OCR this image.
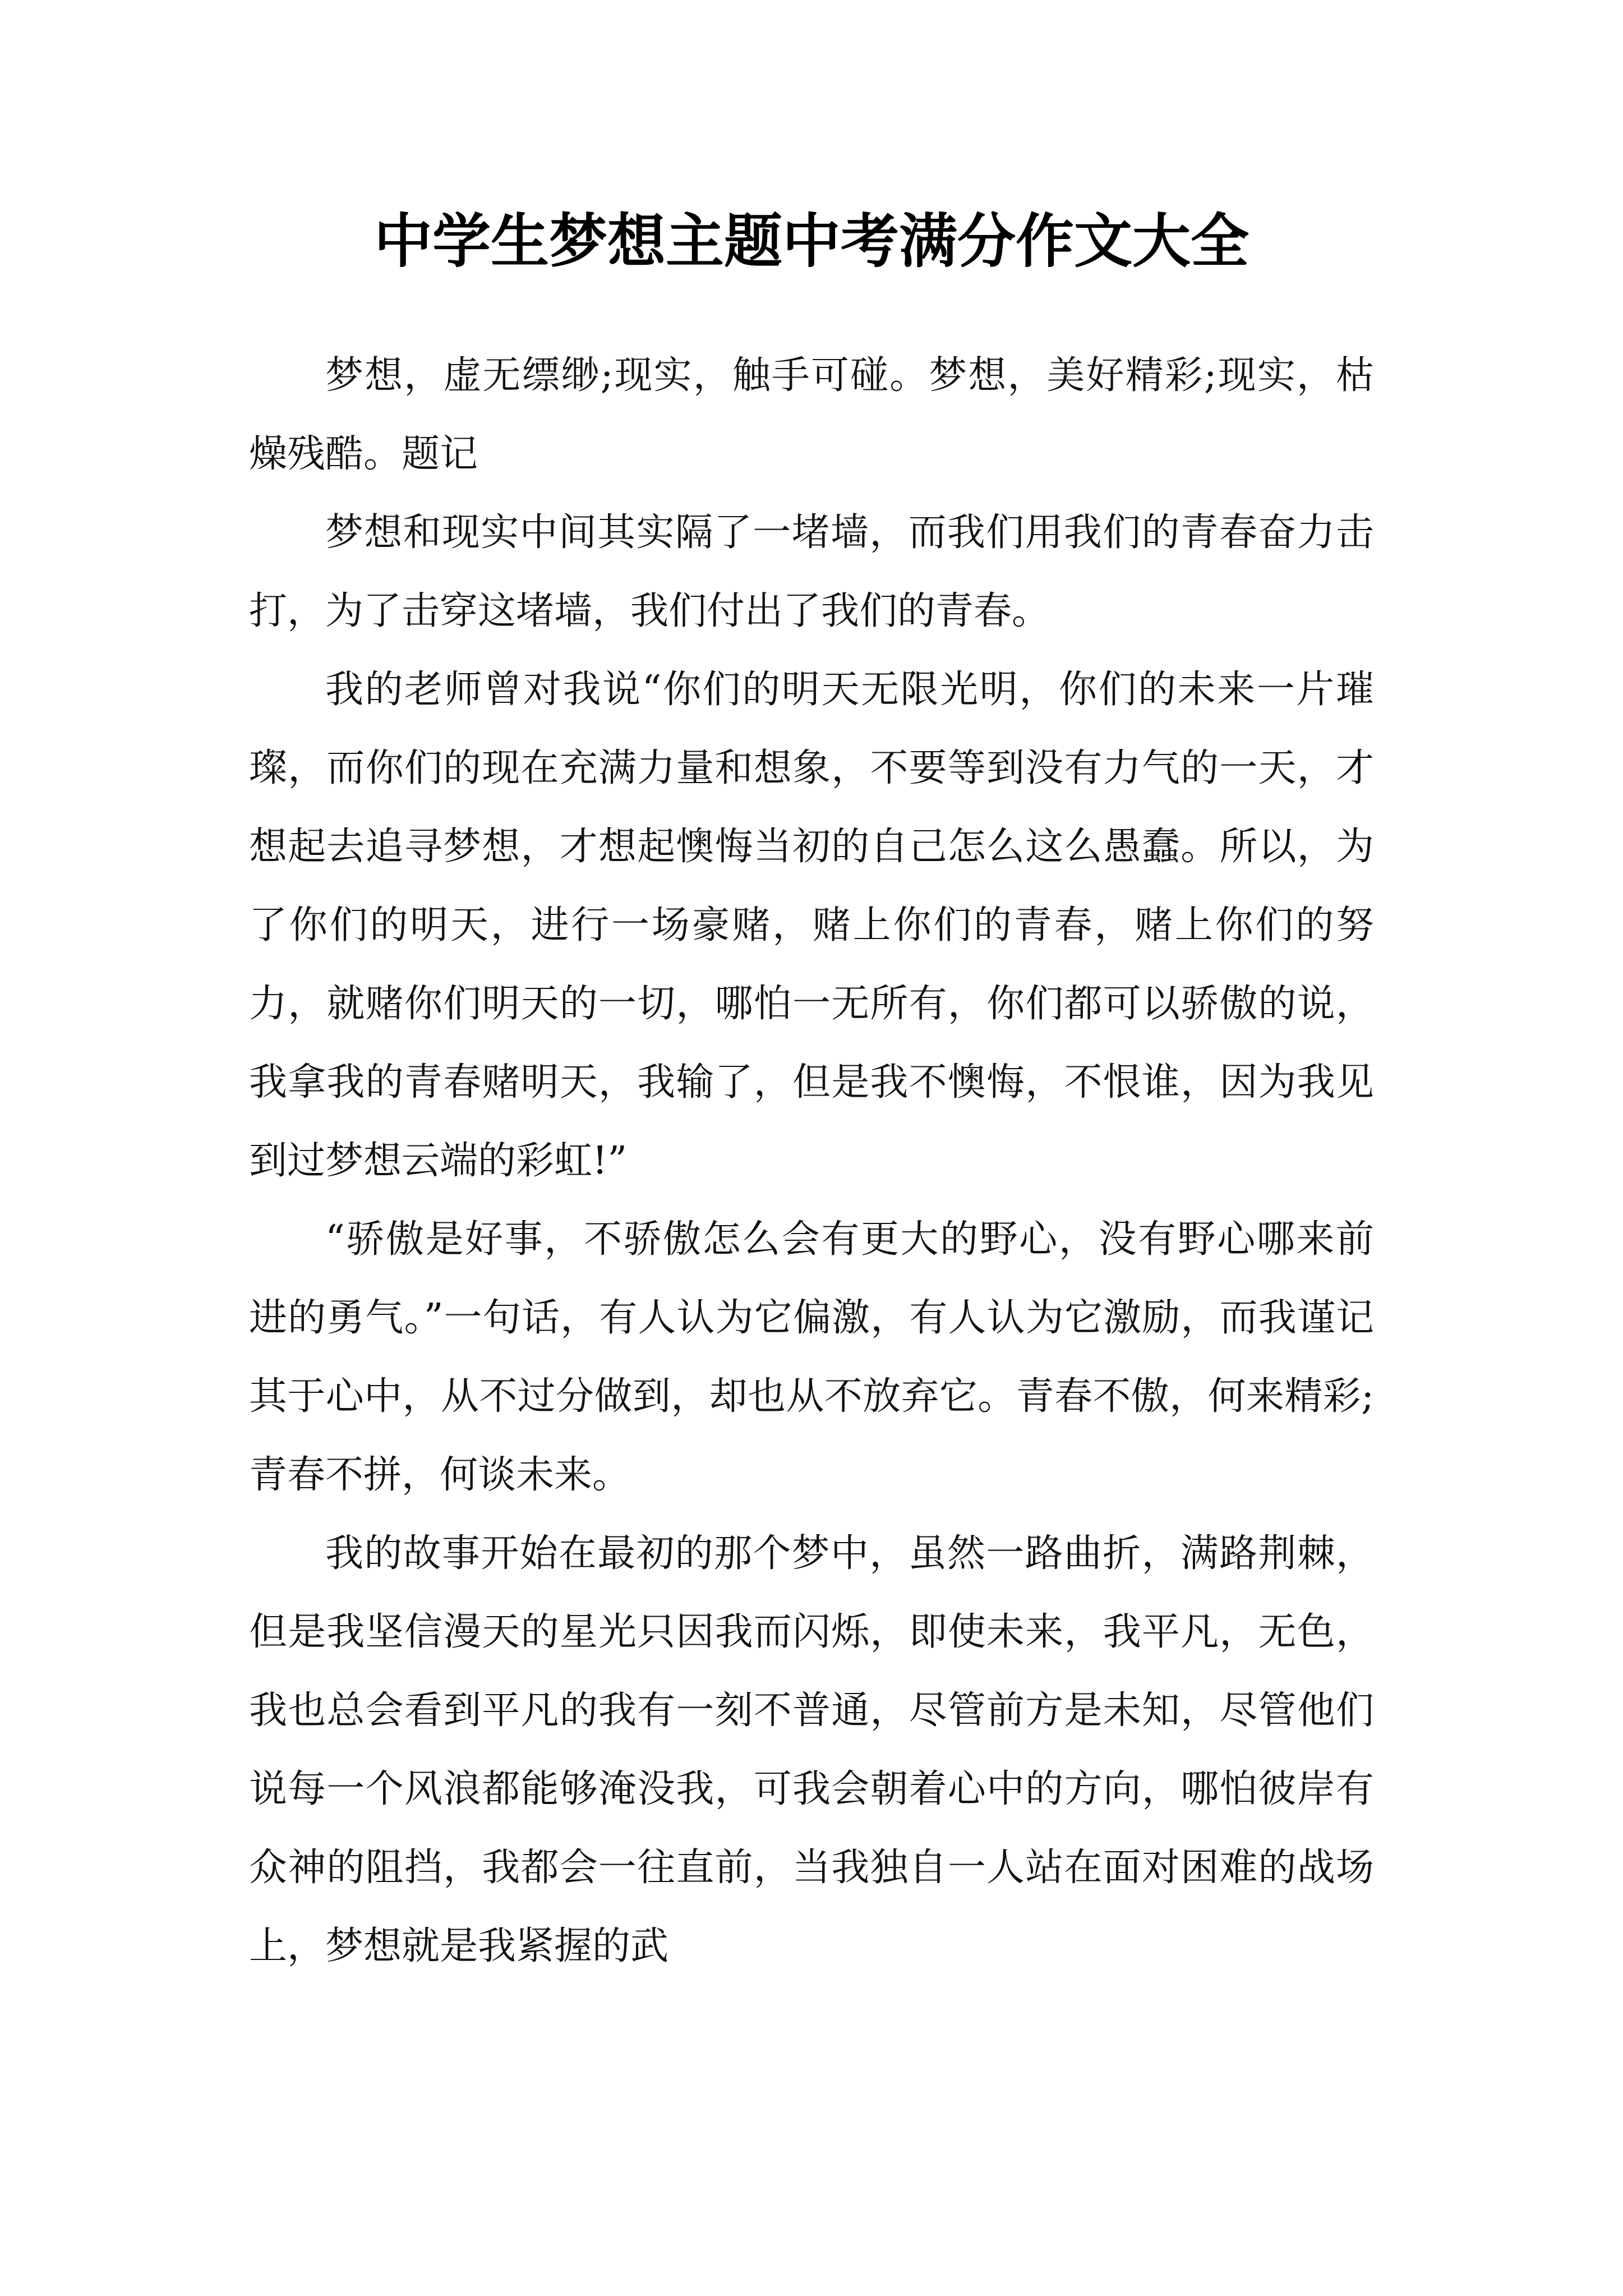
中学生梦想主题中考满分作文大全

梦想，虚无缥缈;现实，触手可碰。梦想，美好精彩;现实，枯燥残酷。题记

梦想和现实中间其实隔了一堵墙，而我们用我们的青春奋力击打，为了击穿这堵墙，我们付出了我们的青春。

我的老师曾对我说“你们的明天无限光明，你们的未来一片璀璨，而你们的现在充满力量和想象，不要等到没有力气的一天，才想起去追寻梦想，才想起懊悔当初的自己怎么这么愚蠢。所以，为了你们的明天，进行一场豪赌，赌上你们的青春，赌上你们的努力，就赌你们明天的一切，哪怕一无所有，你们都可以骄傲的说，我拿我的青春赌明天，我输了，但是我不懊悔，不恨谁，因为我见到过梦想云端的彩虹!”

“骄傲是好事，不骄傲怎么会有更大的野心，没有野心哪来前进的勇气。”一句话，有人认为它偏激，有人认为它激励，而我谨记其于心中，从不过分做到，却也从不放弃它。青春不傲，何来精彩;青春不拼，何谈未来。

我的故事开始在最初的那个梦中，虽然一路曲折，满路荆棘，但是我坚信漫天的星光只因我而闪烁，即使未来，我平凡，无色，我也总会看到平凡的我有一刻不普通，尽管前方是未知，尽管他们说每一个风浪都能够淹没我，可我会朝着心中的方向，哪怕彼岸有众神的阻挡，我都会一往直前，当我独自一人站在面对困难的战场上，梦想就是我紧握的武
